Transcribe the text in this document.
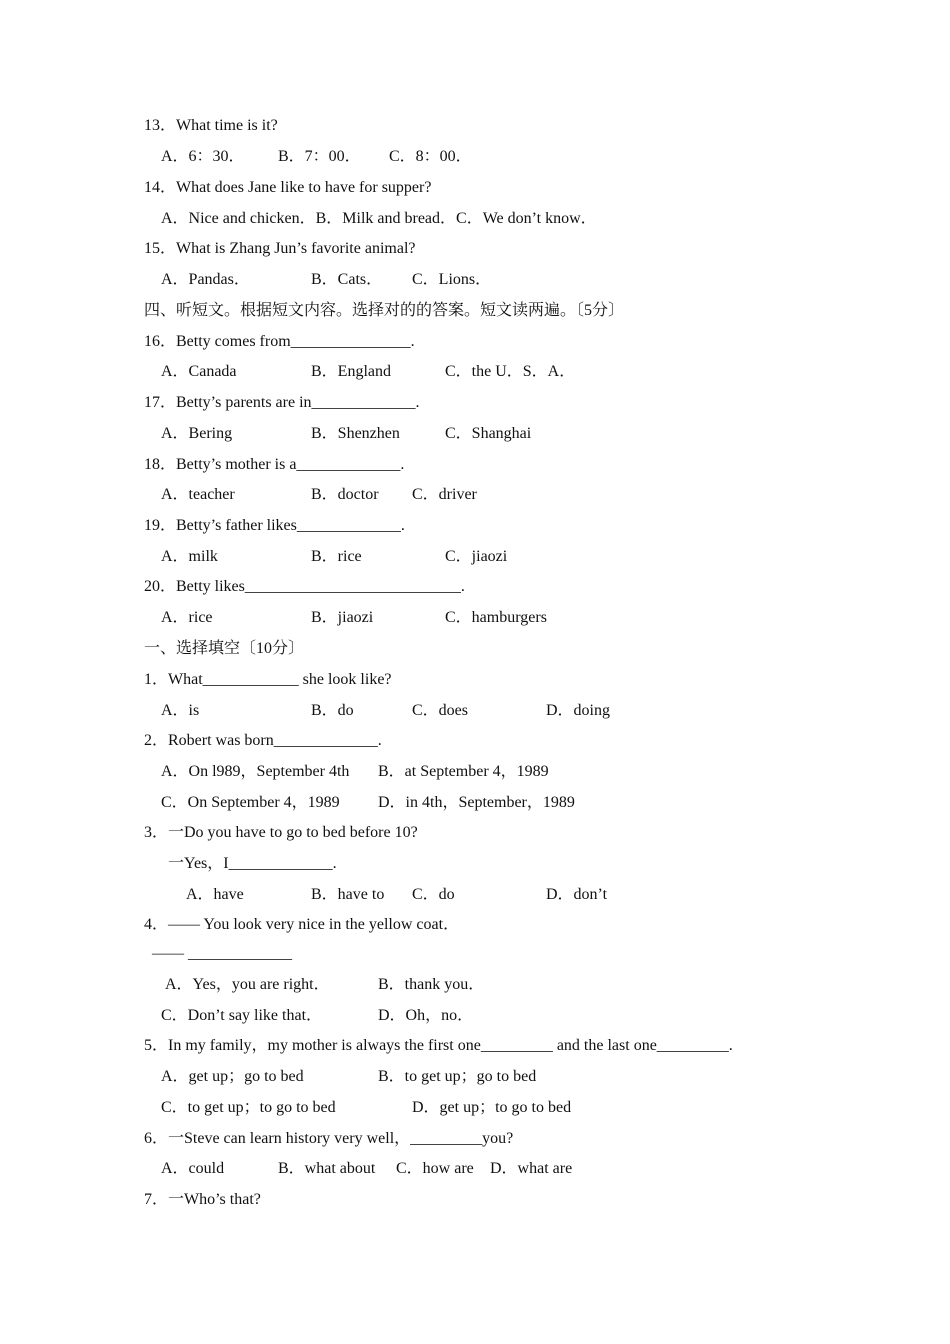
13．What time is it?

A．6：30．

B．7：00．

C．8：00．

14．What does Jane like to have for supper?

A．Nice and chicken．B．Milk and bread．C．We don’t know．

15．What is Zhang Jun’s favorite animal?

A．Pandas．

	B．Cats．

C．Lions．

四、听短文。根据短文内容。选择对的的答案。短文读两遍。〔5分〕

16．Betty comes from_______________.

A．Canada

	B．England

	C．the U．S．A．

17．Betty’s parents are in_____________.

A．Bering

	B．Shenzhen

	C．Shanghai

18．Betty’s mother is a_____________.

A．teacher

	B．doctor

C．driver

19．Betty’s father likes_____________.

A．milk

	B．rice

	C．jiaozi

20．Betty likes___________________________.

A．rice

	B．jiaozi

	C．hamburgers

一、选择填空〔10分〕

1．What____________ she look like?

A．is

	B．do

	C．does

	D．doing

2．Robert was born_____________.

A．On l989，September 4th

B．at September 4，1989

C．On September 4，1989

D．in 4th，September，1989

3．一Do you have to go to bed before 10?

一Yes，I_____________.

A．have

	B．have to

C．do

	D．don’t

4．—— You look very nice in the yellow coat．

—— _____________

A．Yes，you are right．

	B．thank you．

C．Don’t say like that．

	D．Oh，no．

5．In my family，my mother is always the first one_________ and the last one_________.

A．get up；go to bed

	B．to get up；go to bed

C．to get up；to go to bed

	D．get up；to go to bed

6．一Steve can learn history very well，_________you?

A．could

	B．what about

C．how are

D．what are

7．一Who’s that?
